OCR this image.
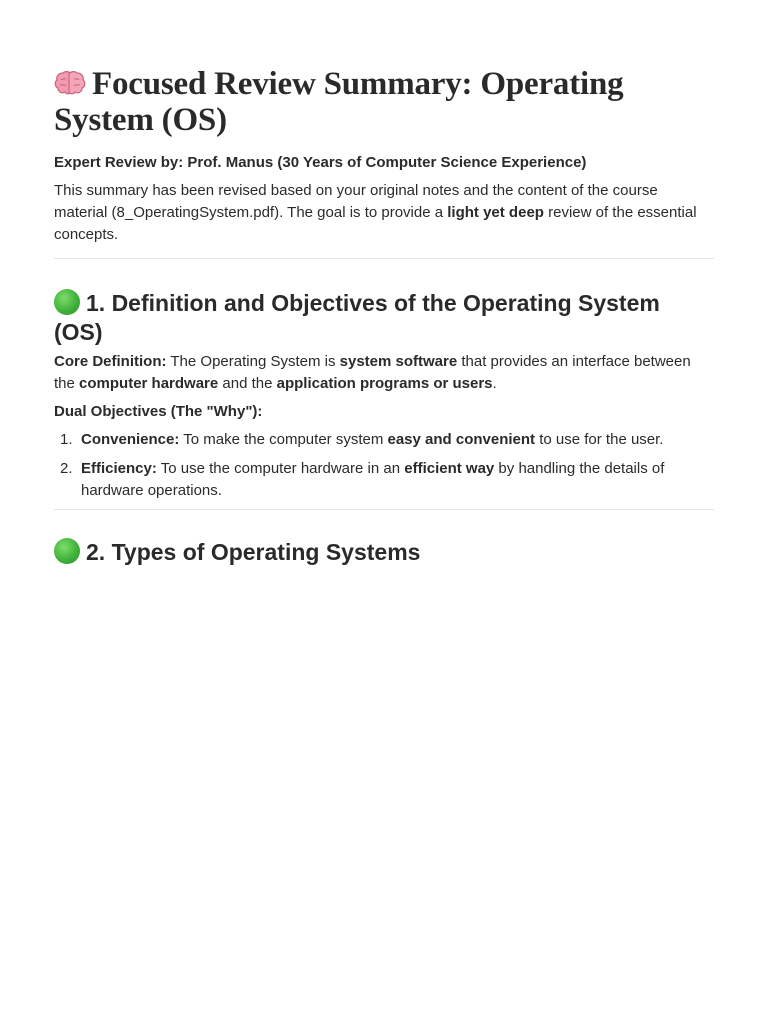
Focused Review Summary: Operating System (OS)
Expert Review by: Prof. Manus (30 Years of Computer Science Experience)

This summary has been revised based on your original notes and the content of the course material (8_OperatingSystem.pdf). The goal is to provide a light yet deep review of the essential concepts.

1. Definition and Objectives of the Operating System (OS)

Core Definition: The Operating System is system software that provides an interface between the computer hardware and the application programs or users.

Dual Objectives (The "Why"):
1. Convenience: To make the computer system easy and convenient to use for the user.
2. Efficiency: To use the computer hardware in an efficient way by handling the details of hardware operations.
2. Types of Operating Systems
